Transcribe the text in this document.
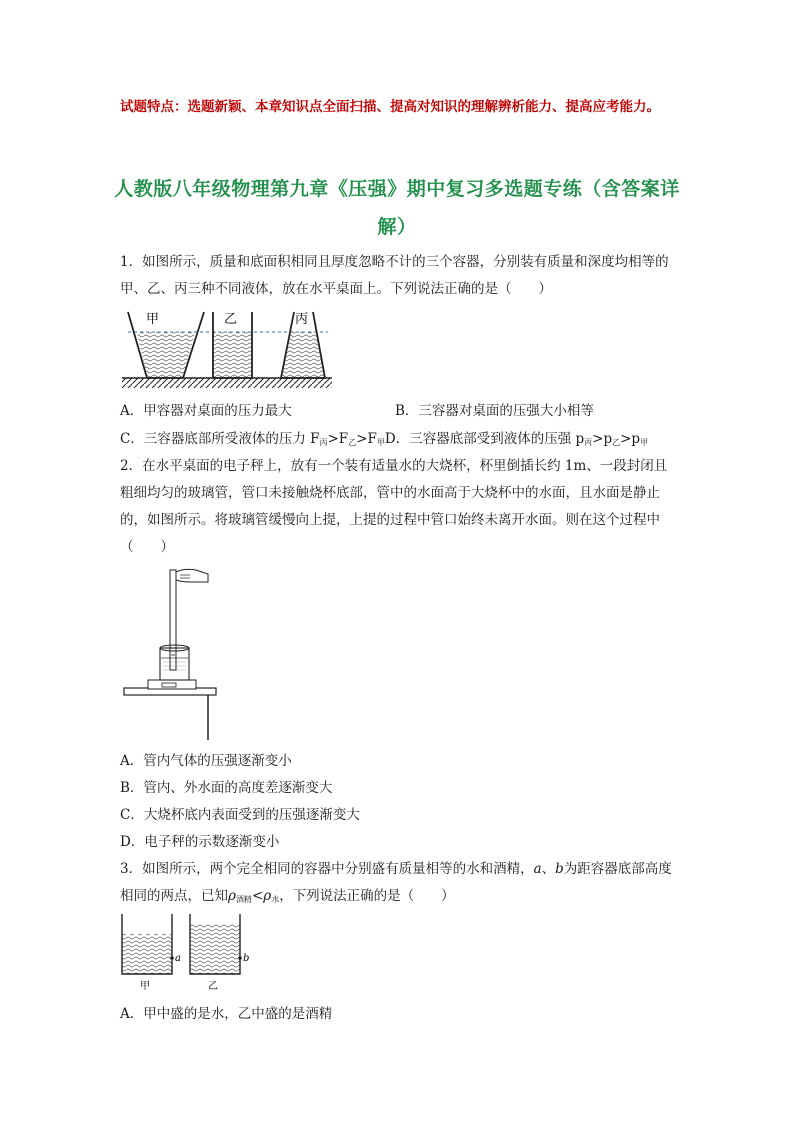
试题特点：选题新颖、本章知识点全面扫描、提高对知识的理解辨析能力、提高应考能力。
人教版八年级物理第九章《压强》期中复习多选题专练（含答案详解）
1．如图所示，质量和底面积相同且厚度忽略不计的三个容器，分别装有质量和深度均相等的甲、乙、丙三种不同液体，放在水平桌面上。下列说法正确的是（　　）
甲	乙	丙
A．甲容器对桌面的压力最大	B．三容器对桌面的压强大小相等
C．三容器底部所受液体的压力 $F_丙>F_乙>F_甲D$．三容器底部受到液体的压强 $p_丙>p_乙>p_甲$
2．在水平桌面的电子秤上，放有一个装有适量水的大烧杯，杯里倒插长约 1m、一段封闭且粗细均匀的玻璃管，管口未接触烧杯底部，管中的水面高于大烧杯中的水面，且水面是静止的，如图所示。将玻璃管缓慢向上提，上提的过程中管口始终未离开水面。则在这个过程中（　　）
A．管内气体的压强逐渐变小
B．管内、外水面的高度差逐渐变大
C．大烧杯底内表面受到的压强逐渐变大
D．电子秤的示数逐渐变小
3．如图所示，两个完全相同的容器中分别盛有质量相等的水和酒精，a、b为距容器底部高度相同的两点，已知$\rho_{酒精}<\rho_水$，下列说法正确的是（　　）
a
甲
b
乙
A．甲中盛的是水，乙中盛的是酒精
